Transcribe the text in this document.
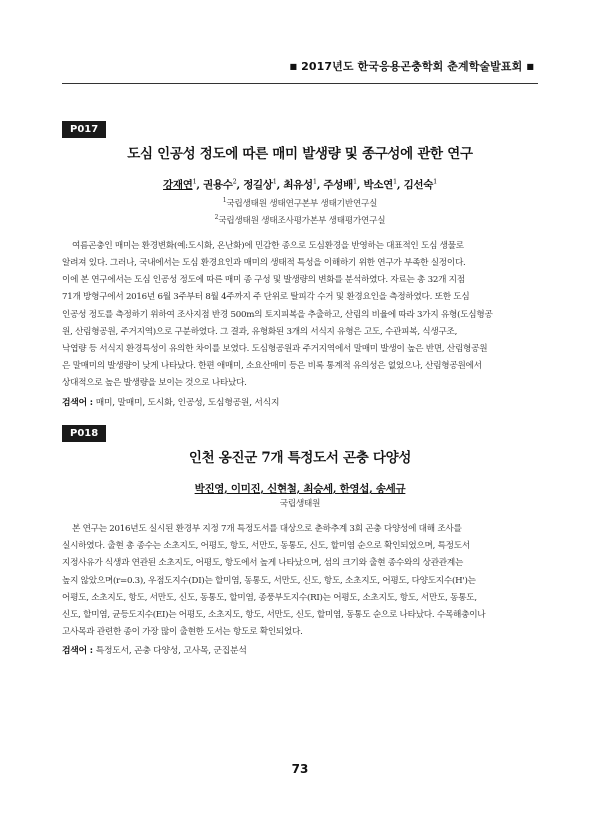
■ 2017년도 한국응용곤충학회 춘계학술발표회 ■
P017
도심 인공성 정도에 따른 매미 발생량 및 종구성에 관한 연구
강재연$^1$, 권용수$^2$, 정길상$^1$, 최유성$^1$, 주성배$^1$, 박소연$^1$, 김선숙$^1$
$^1$국립생태원 생태연구본부 생태기반연구실
$^2$국립생태원 생태조사평가본부 생태평가연구실
여름곤충인 매미는 환경변화(예:도시화, 온난화)에 민감한 종으로 도심환경을 반영하는 대표적인 도심 생물로
알려져 있다. 그러나, 국내에서는 도심 환경요인과 매미의 생태적 특성을 이해하기 위한 연구가 부족한 실정이다.
이에 본 연구에서는 도심 인공성 정도에 따른 매미 종 구성 및 발생량의 변화를 분석하였다. 자료는 총 32개 지점
71개 방형구에서 2016년 6월 3주부터 8월 4주까지 주 단위로 탈피각 수거 및 환경요인을 측정하였다. 또한 도심
인공성 정도를 측정하기 위하여 조사지점 반경 500m의 토지피복을 추출하고, 산림의 비율에 따라 3가지 유형(도심형공
원, 산림형공원, 주거지역)으로 구분하였다. 그 결과, 유형화된 3개의 서식지 유형은 고도, 수관피복, 식생구조,
낙엽량 등 서식지 환경특성이 유의한 차이를 보였다. 도심형공원과 주거지역에서 말매미 발생이 높은 반면, 산림형공원
은 말매미의 발생량이 낮게 나타났다. 한편 애매미, 소요산매미 등은 비록 통계적 유의성은 없었으나, 산림형공원에서
상대적으로 높은 발생량을 보이는 것으로 나타났다.
검색어 : 매미, 말매미, 도시화, 인공성, 도심형공원, 서식지
P018
인천 옹진군 7개 특정도서 곤충 다양성
박진영, 이미진, 신현철, 최승세, 한영섭, 송세규
국립생태원
본 연구는 2016년도 실시된 환경부 지정 7개 특정도서를 대상으로 춘하추계 3회 곤충 다양성에 대해 조사를
실시하였다. 출현 총 종수는 소초지도, 어평도, 항도, 서만도, 동통도, 신도, 할미염 순으로 확인되었으며, 특정도서
지정사유가 식생과 연관된 소초지도, 어평도, 항도에서 높게 나타났으며, 섬의 크기와 출현 종수와의 상관관계는
높지 않았으며(r=0.3), 우점도지수(DI)는 할미염, 동통도, 서만도, 신도, 항도, 소초지도, 어평도, 다양도지수(H')는
어평도, 소초지도, 항도, 서만도, 신도, 동통도, 할미염, 종풍부도지수(RI)는 어평도, 소초지도, 항도, 서만도, 동통도,
신도, 할미염, 균등도지수(EI)는 어평도, 소초지도, 항도, 서만도, 신도, 할미염, 동통도 순으로 나타났다. 수목해충이나
고사목과 관련한 종이 가장 많이 출현한 도서는 항도로 확인되었다.
검색어 : 특정도서, 곤충 다양성, 고사목, 군집분석
73
